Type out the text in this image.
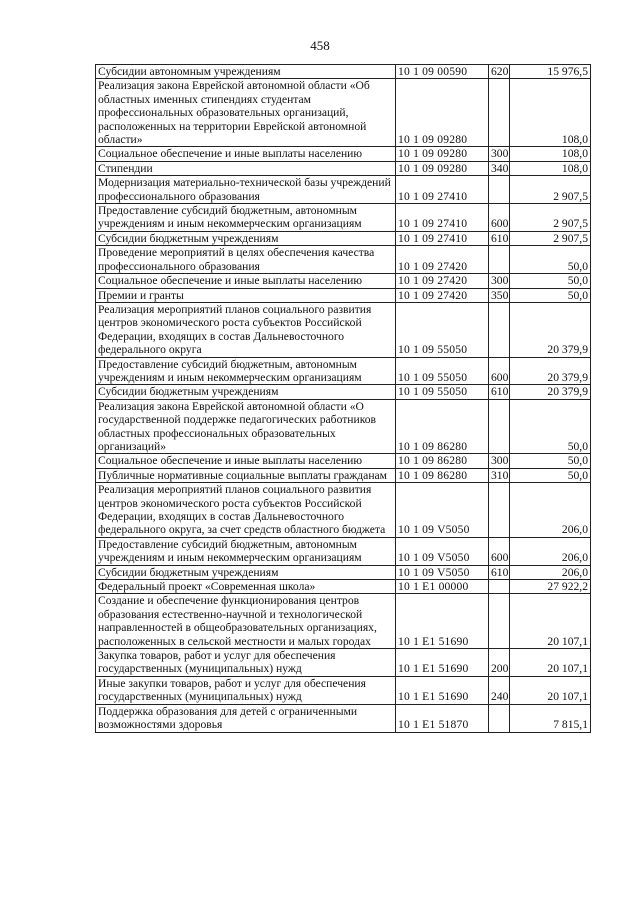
458
Субсидии автономным учреждениям	10 1 09 00590	620	15 976,5
Реализация закона Еврейской автономной области «Об областных именных стипендиях студентам профессиональных образовательных организаций, расположенных на территории Еврейской автономной области»	10 1 09 09280		108,0
Социальное обеспечение и иные выплаты населению	10 1 09 09280	300	108,0
Стипендии	10 1 09 09280	340	108,0
Модернизация материально-технической базы учреждений профессионального образования	10 1 09 27410		2 907,5
Предоставление субсидий бюджетным, автономным учреждениям и иным некоммерческим организациям	10 1 09 27410	600	2 907,5
Субсидии бюджетным учреждениям	10 1 09 27410	610	2 907,5
Проведение мероприятий в целях обеспечения качества профессионального образования	10 1 09 27420		50,0
Социальное обеспечение и иные выплаты населению	10 1 09 27420	300	50,0
Премии и гранты	10 1 09 27420	350	50,0
Реализация мероприятий планов социального развития центров экономического роста субъектов Российской Федерации, входящих в состав Дальневосточного федерального округа	10 1 09 55050		20 379,9
Предоставление субсидий бюджетным, автономным учреждениям и иным некоммерческим организациям	10 1 09 55050	600	20 379,9
Субсидии бюджетным учреждениям	10 1 09 55050	610	20 379,9
Реализация закона Еврейской автономной области «О государственной поддержке педагогических работников областных профессиональных образовательных организаций»	10 1 09 86280		50,0
Социальное обеспечение и иные выплаты населению	10 1 09 86280	300	50,0
Публичные нормативные социальные выплаты гражданам	10 1 09 86280	310	50,0
Реализация мероприятий планов социального развития центров экономического роста субъектов Российской Федерации, входящих в состав Дальневосточного федерального округа, за счет средств областного бюджета	10 1 09 V5050		206,0
Предоставление субсидий бюджетным, автономным учреждениям и иным некоммерческим организациям	10 1 09 V5050	600	206,0
Субсидии бюджетным учреждениям	10 1 09 V5050	610	206,0
Федеральный проект «Современная школа»	10 1 E1 00000		27 922,2
Создание и обеспечение функционирования центров образования естественно-научной и технологической направленностей в общеобразовательных организациях, расположенных в сельской местности и малых городах	10 1 E1 51690		20 107,1
Закупка товаров, работ и услуг для обеспечения государственных (муниципальных) нужд	10 1 E1 51690	200	20 107,1
Иные закупки товаров, работ и услуг для обеспечения государственных (муниципальных) нужд	10 1 E1 51690	240	20 107,1
Поддержка образования для детей с ограниченными возможностями здоровья	10 1 E1 51870		7 815,1
